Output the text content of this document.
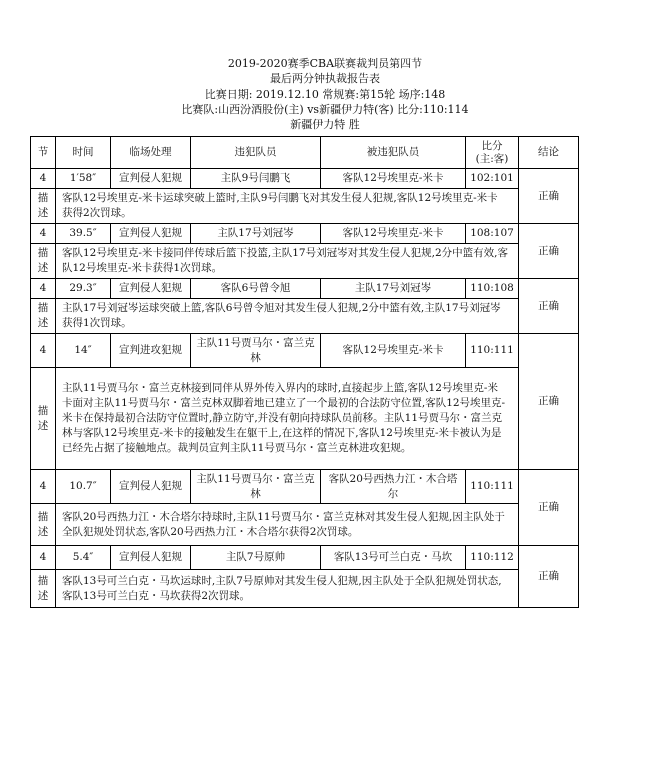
2019-2020赛季CBA联赛裁判员第四节
最后两分钟执裁报告表
比赛日期: 2019.12.10 常规赛:第15轮 场序:148
比赛队:山西汾酒股份(主) vs新疆伊力特(客) 比分:110:114
新疆伊力特 胜
节	时间	临场处理	违犯队员	被违犯队员	比分
(主:客)	结论
4	1′58″	宣判侵人犯规	主队9号闫鹏飞	客队12号埃里克-米卡	102:101	正确
描述	客队12号埃里克-米卡运球突破上篮时,主队9号闫鹏飞对其发生侵人犯规,客队12号埃里克-米卡获得2次罚球。					
4	39.5″	宣判侵人犯规	主队17号刘冠岑	客队12号埃里克-米卡	108:107	正确
描述	客队12号埃里克-米卡接同伴传球后篮下投篮,主队17号刘冠岑对其发生侵人犯规,2分中篮有效,客队12号埃里克-米卡获得1次罚球。					
4	29.3″	宣判侵人犯规	客队6号曾令旭	主队17号刘冠岑	110:108	正确
描述	主队17号刘冠岑运球突破上篮,客队6号曾令旭对其发生侵人犯规,2分中篮有效,主队17号刘冠岑获得1次罚球。					
4	14″	宣判进攻犯规	主队11号贾马尔・富兰克林	客队12号埃里克-米卡	110:111	正确
描述	主队11号贾马尔・富兰克林接到同伴从界外传入界内的球时,直接起步上篮,客队12号埃里克-米卡面对主队11号贾马尔・富兰克林双脚着地已建立了一个最初的合法防守位置,客队12号埃里克-米卡在保持最初合法防守位置时,静立防守,并没有朝向持球队员前移。主队11号贾马尔・富兰克林与客队12号埃里克-米卡的接触发生在躯干上,在这样的情况下,客队12号埃里克-米卡被认为是已经先占据了接触地点。裁判员宣判主队11号贾马尔・富兰克林进攻犯规。					
4	10.7″	宣判侵人犯规	主队11号贾马尔・富兰克林	客队20号西热力江・木合塔尔	110:111	正确
描述	客队20号西热力江・木合塔尔持球时,主队11号贾马尔・富兰克林对其发生侵人犯规,因主队处于全队犯规处罚状态,客队20号西热力江・木合塔尔获得2次罚球。					
4	5.4″	宣判侵人犯规	主队7号原帅	客队13号可兰白克・马坎	110:112	正确
描述	客队13号可兰白克・马坎运球时,主队7号原帅对其发生侵人犯规,因主队处于全队犯规处罚状态,客队13号可兰白克・马坎获得2次罚球。					
